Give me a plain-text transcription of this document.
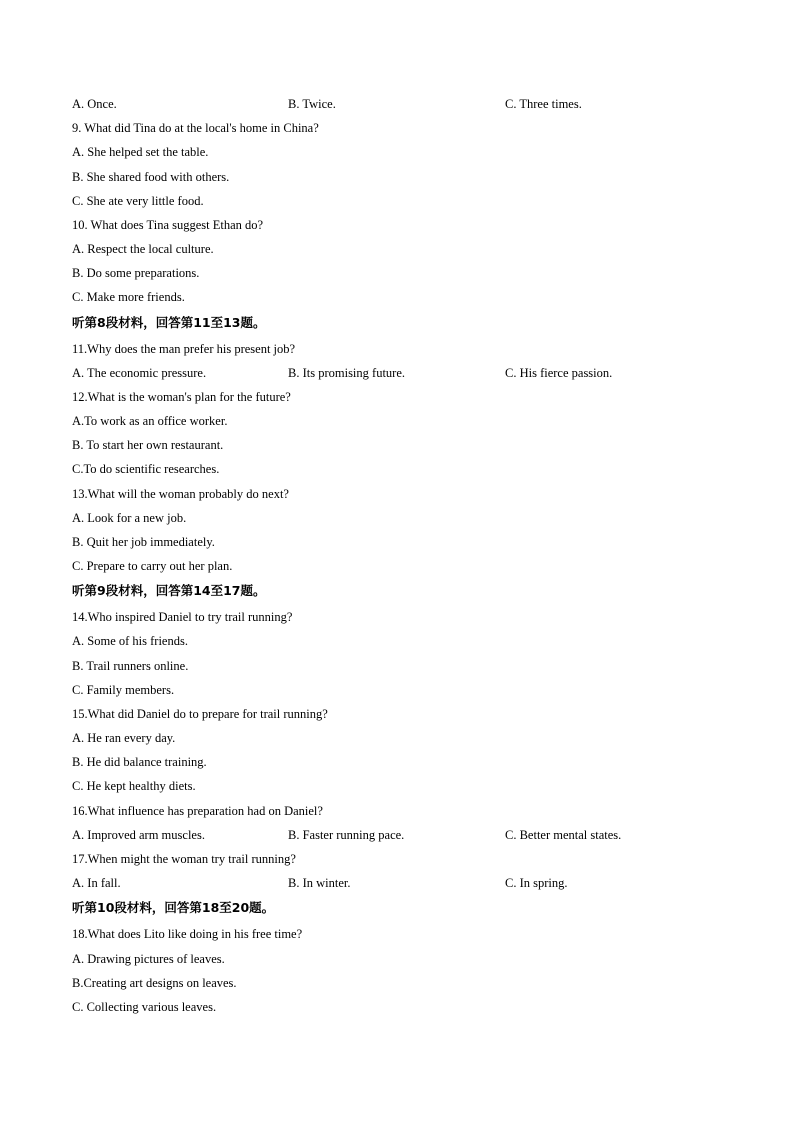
A. Once.	B. Twice.	C. Three times.
9. What did Tina do at the local's home in China?
A. She helped set the table.
B. She shared food with others.
C. She ate very little food.
10. What does Tina suggest Ethan do?
A. Respect the local culture.
B. Do some preparations.
C. Make more friends.
听第8段材料，回答第11至13题。
11.Why does the man prefer his present job?
A. The economic pressure.	B. Its promising future.	C. His fierce passion.
12.What is the woman's plan for the future?
A.To work as an office worker.
B. To start her own restaurant.
C.To do scientific researches.
13.What will the woman probably do next?
A. Look for a new job.
B. Quit her job immediately.
C. Prepare to carry out her plan.
听第9段材料，回答第14至17题。
14.Who inspired Daniel to try trail running?
A. Some of his friends.
B. Trail runners online.
C. Family members.
15.What did Daniel do to prepare for trail running?
A. He ran every day.
B. He did balance training.
C. He kept healthy diets.
16.What influence has preparation had on Daniel?
A. Improved arm muscles.	B. Faster running pace.	C. Better mental states.
17.When might the woman try trail running?
A. In fall.	B. In winter.	C. In spring.
听第10段材料，回答第18至20题。
18.What does Lito like doing in his free time?
A. Drawing pictures of leaves.
B.Creating art designs on leaves.
C. Collecting various leaves.
